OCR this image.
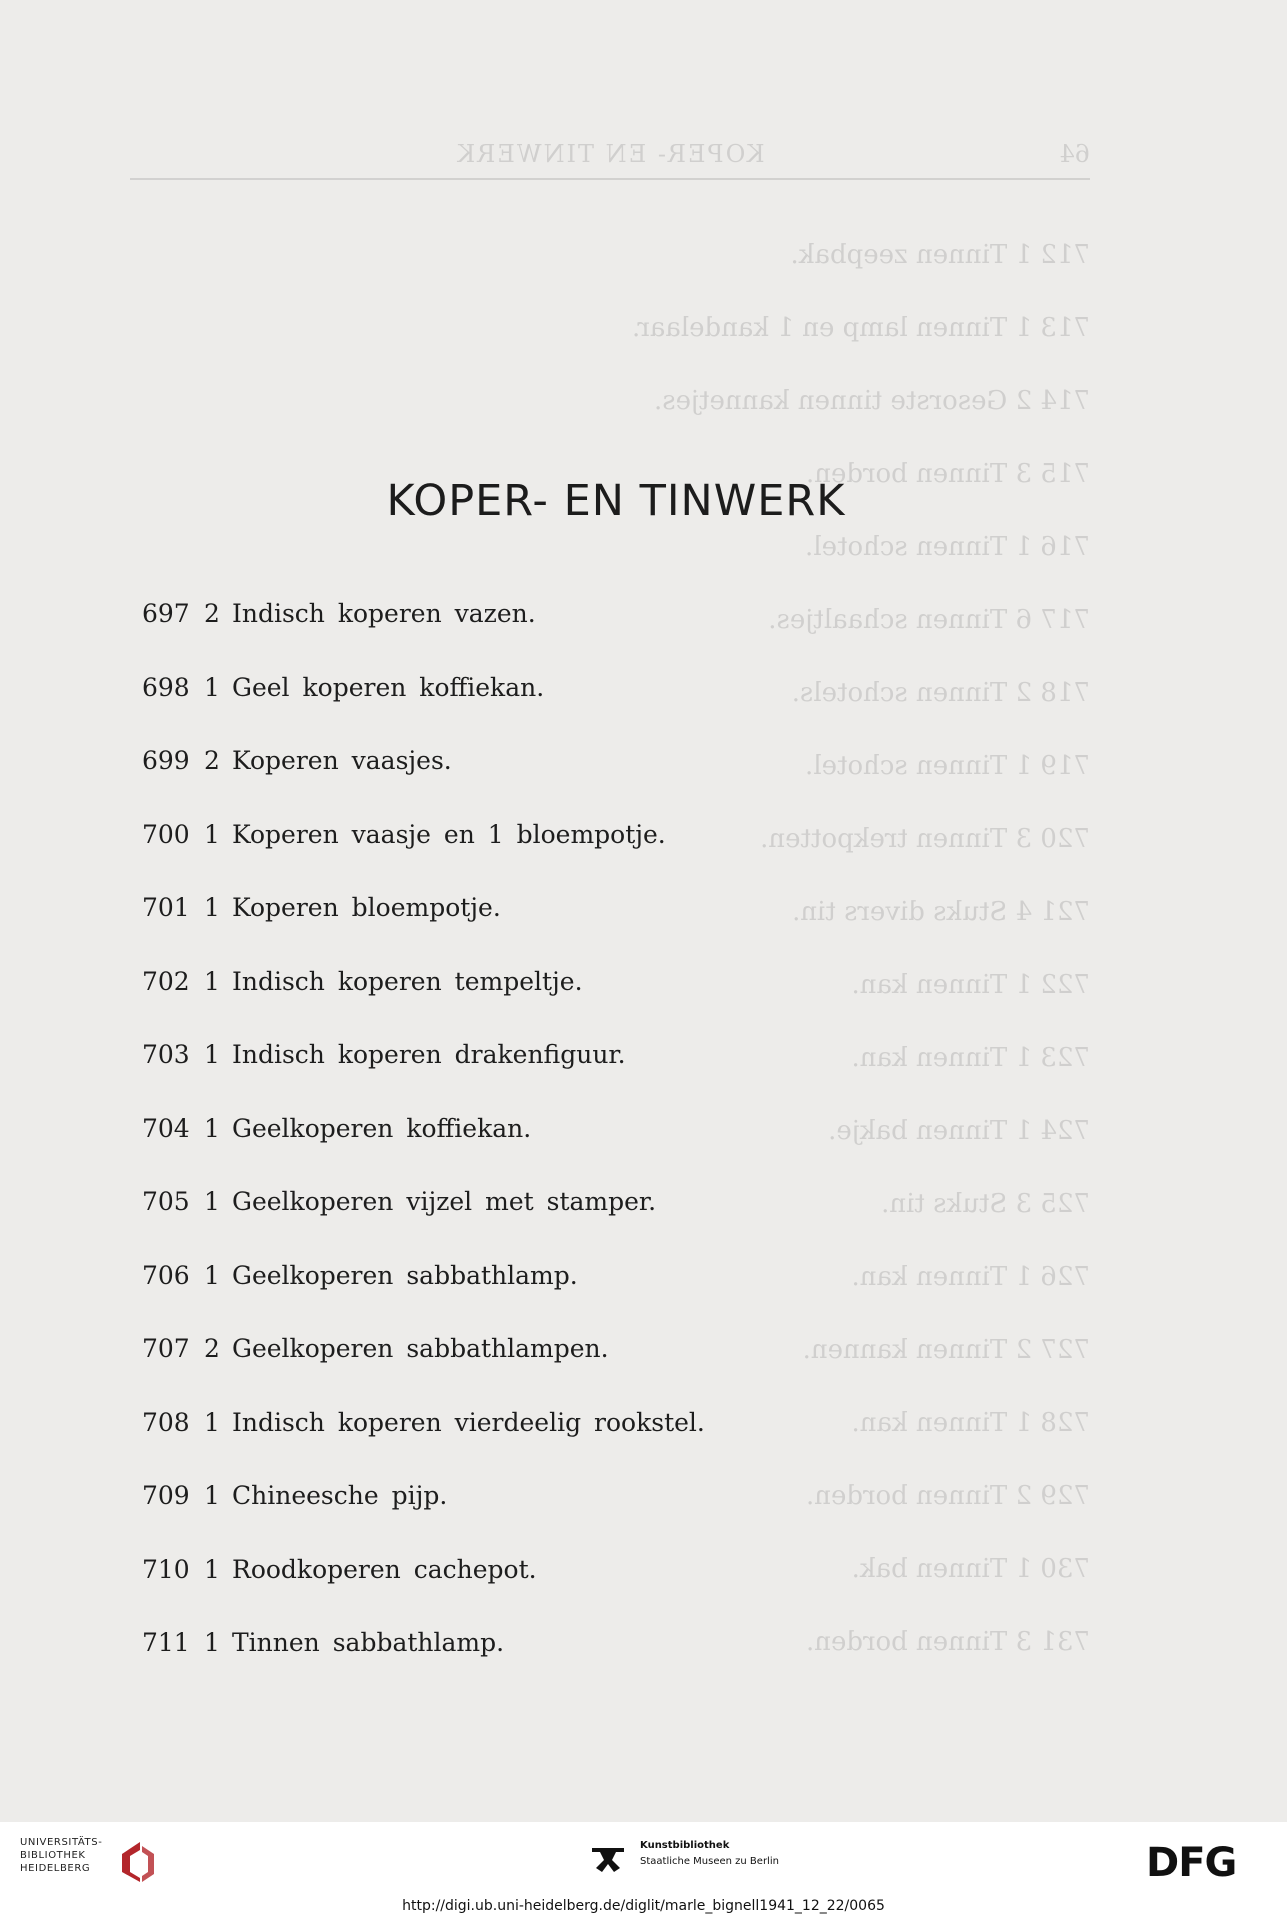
KOPER- EN TINWERK	64
712 1 Tinnen zeepbak.
713 1 Tinnen lamp en 1 kandelaar.
714 2 Gesorste tinnen kannetjes.
715 3 Tinnen borden.
716 1 Tinnen schotel.
717 6 Tinnen schaaltjes.
718 2 Tinnen schotels.
719 1 Tinnen schotel.
720 3 Tinnen trekpotten.
721 4 Stuks divers tin.
722 1 Tinnen kan.
723 1 Tinnen kan.
724 1 Tinnen bakje.
725 3 Stuks tin.
726 1 Tinnen kan.
727 2 Tinnen kannen.
728 1 Tinnen kan.
729 2 Tinnen borden.
730 1 Tinnen bak.
731 3 Tinnen borden.
KOPER- EN TINWERK
697 2 Indisch koperen vazen.
698 1 Geel koperen koffiekan.
699 2 Koperen vaasjes.
700 1 Koperen vaasje en 1 bloempotje.
701 1 Koperen bloempotje.
702 1 Indisch koperen tempeltje.
703 1 Indisch koperen drakenfiguur.
704 1 Geelkoperen koffiekan.
705 1 Geelkoperen vijzel met stamper.
706 1 Geelkoperen sabbathlamp.
707 2 Geelkoperen sabbathlampen.
708 1 Indisch koperen vierdeelig rookstel.
709 1 Chineesche pijp.
710 1 Roodkoperen cachepot.
711 1 Tinnen sabbathlamp.
UNIVERSITÄTS-
BIBLIOTHEK
HEIDELBERG
Kunstbibliothek
Staatliche Museen zu Berlin	DFG
http://digi.ub.uni-heidelberg.de/diglit/marle_bignell1941_12_22/0065
